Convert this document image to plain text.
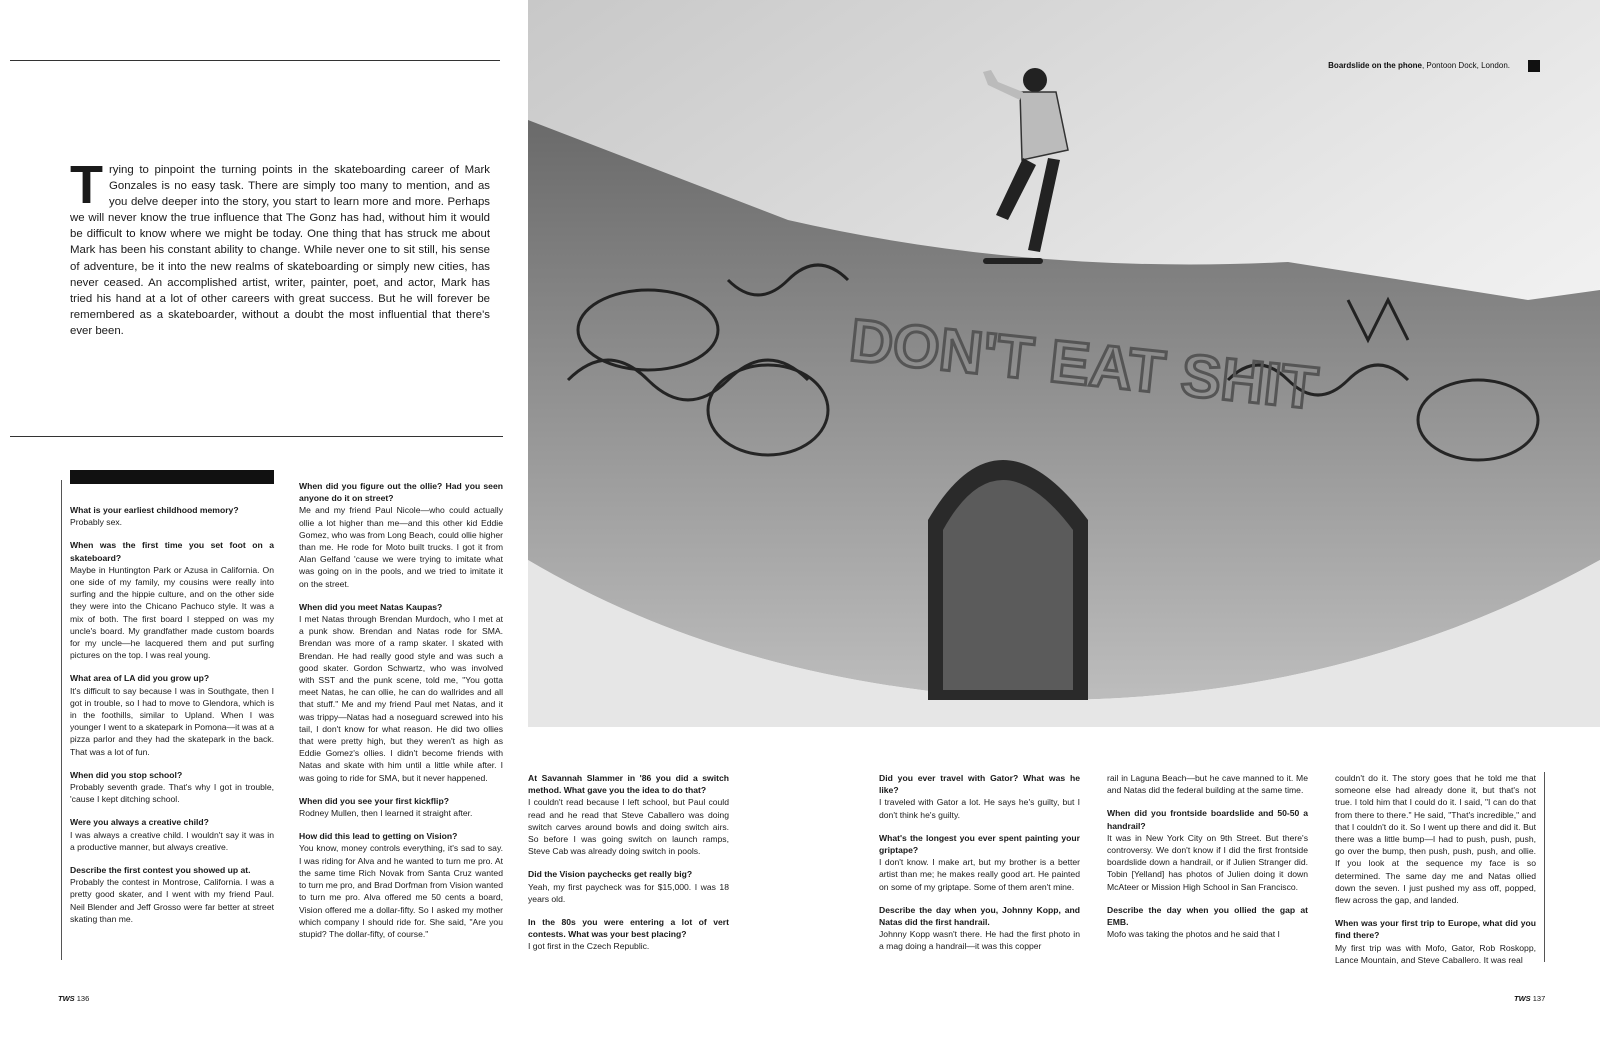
T rying to pinpoint the turning points in the skateboarding career of Mark Gonzales is no easy task. There are simply too many to mention, and as you delve deeper into the story, you start to learn more and more. Perhaps we will never know the true influence that The Gonz has had, without him it would be difficult to know where we might be today. One thing that has struck me about Mark has been his constant ability to change. While never one to sit still, his sense of adventure, be it into the new realms of skateboarding or simply new cities, has never ceased. An accomplished artist, writer, painter, poet, and actor, Mark has tried his hand at a lot of other careers with great success. But he will forever be remembered as a skateboarder, without a doubt the most influential that there's ever been.
What is your earliest childhood memory?
Probably sex.
When was the first time you set foot on a skateboard?
Maybe in Huntington Park or Azusa in California. On one side of my family, my cousins were really into surfing and the hippie culture, and on the other side they were into the Chicano Pachuco style. It was a mix of both. The first board I stepped on was my uncle's board. My grandfather made custom boards for my uncle—he lacquered them and put surfing pictures on the top. I was real young.
What area of LA did you grow up?
It's difficult to say because I was in Southgate, then I got in trouble, so I had to move to Glendora, which is in the foothills, similar to Upland. When I was younger I went to a skatepark in Pomona—it was at a pizza parlor and they had the skatepark in the back. That was a lot of fun.
When did you stop school?
Probably seventh grade. That's why I got in trouble, 'cause I kept ditching school.
Were you always a creative child?
I was always a creative child. I wouldn't say it was in a productive manner, but always creative.
Describe the first contest you showed up at.
Probably the contest in Montrose, California. I was a pretty good skater, and I went with my friend Paul. Neil Blender and Jeff Grosso were far better at street skating than me.
When did you figure out the ollie? Had you seen anyone do it on street?
Me and my friend Paul Nicole—who could actually ollie a lot higher than me—and this other kid Eddie Gomez, who was from Long Beach, could ollie higher than me. He rode for Moto built trucks. I got it from Alan Gelfand 'cause we were trying to imitate what was going on in the pools, and we tried to imitate it on the street.
When did you meet Natas Kaupas?
I met Natas through Brendan Murdoch, who I met at a punk show. Brendan and Natas rode for SMA. Brendan was more of a ramp skater. I skated with Brendan. He had really good style and was such a good skater. Gordon Schwartz, who was involved with SST and the punk scene, told me, "You gotta meet Natas, he can ollie, he can do wallrides and all that stuff." Me and my friend Paul met Natas, and it was trippy—Natas had a noseguard screwed into his tail, I don't know for what reason. He did two ollies that were pretty high, but they weren't as high as Eddie Gomez's ollies. I didn't become friends with Natas and skate with him until a little while after. I was going to ride for SMA, but it never happened.
When did you see your first kickflip?
Rodney Mullen, then I learned it straight after.
How did this lead to getting on Vision?
You know, money controls everything, it's sad to say. I was riding for Alva and he wanted to turn me pro. At the same time Rich Novak from Santa Cruz wanted to turn me pro, and Brad Dorfman from Vision wanted to turn me pro. Alva offered me 50 cents a board, Vision offered me a dollar-fifty. So I asked my mother which company I should ride for. She said, "Are you stupid? The dollar-fifty, of course."
TWS 136
DON'T EAT SHIT
Boardslide on the phone, Pontoon Dock, London.
At Savannah Slammer in '86 you did a switch method. What gave you the idea to do that?
I couldn't read because I left school, but Paul could read and he read that Steve Caballero was doing switch carves around bowls and doing switch airs. So before I was going switch on launch ramps, Steve Cab was already doing switch in pools.
Did the Vision paychecks get really big?
Yeah, my first paycheck was for $15,000. I was 18 years old.
In the 80s you were entering a lot of vert contests. What was your best placing?
I got first in the Czech Republic.
Did you ever travel with Gator? What was he like?
I traveled with Gator a lot. He says he's guilty, but I don't think he's guilty.
What's the longest you ever spent painting your griptape?
I don't know. I make art, but my brother is a better artist than me; he makes really good art. He painted on some of my griptape. Some of them aren't mine.
Describe the day when you, Johnny Kopp, and Natas did the first handrail.
Johnny Kopp wasn't there. He had the first photo in a mag doing a handrail—it was this copper
rail in Laguna Beach—but he cave manned to it. Me and Natas did the federal building at the same time.
When did you frontside boardslide and 50-50 a handrail?
It was in New York City on 9th Street. But there's controversy. We don't know if I did the first frontside boardslide down a handrail, or if Julien Stranger did. Tobin [Yelland] has photos of Julien doing it down McAteer or Mission High School in San Francisco.
Describe the day when you ollied the gap at EMB.
Mofo was taking the photos and he said that I
couldn't do it. The story goes that he told me that someone else had already done it, but that's not true. I told him that I could do it. I said, "I can do that from there to there." He said, "That's incredible," and that I couldn't do it. So I went up there and did it. But there was a little bump—I had to push, push, push, go over the bump, then push, push, push, and ollie. If you look at the sequence my face is so determined. The same day me and Natas ollied down the seven. I just pushed my ass off, popped, flew across the gap, and landed.
When was your first trip to Europe, what did you find there?
My first trip was with Mofo, Gator, Rob Roskopp, Lance Mountain, and Steve Caballero. It was real
TWS 137
